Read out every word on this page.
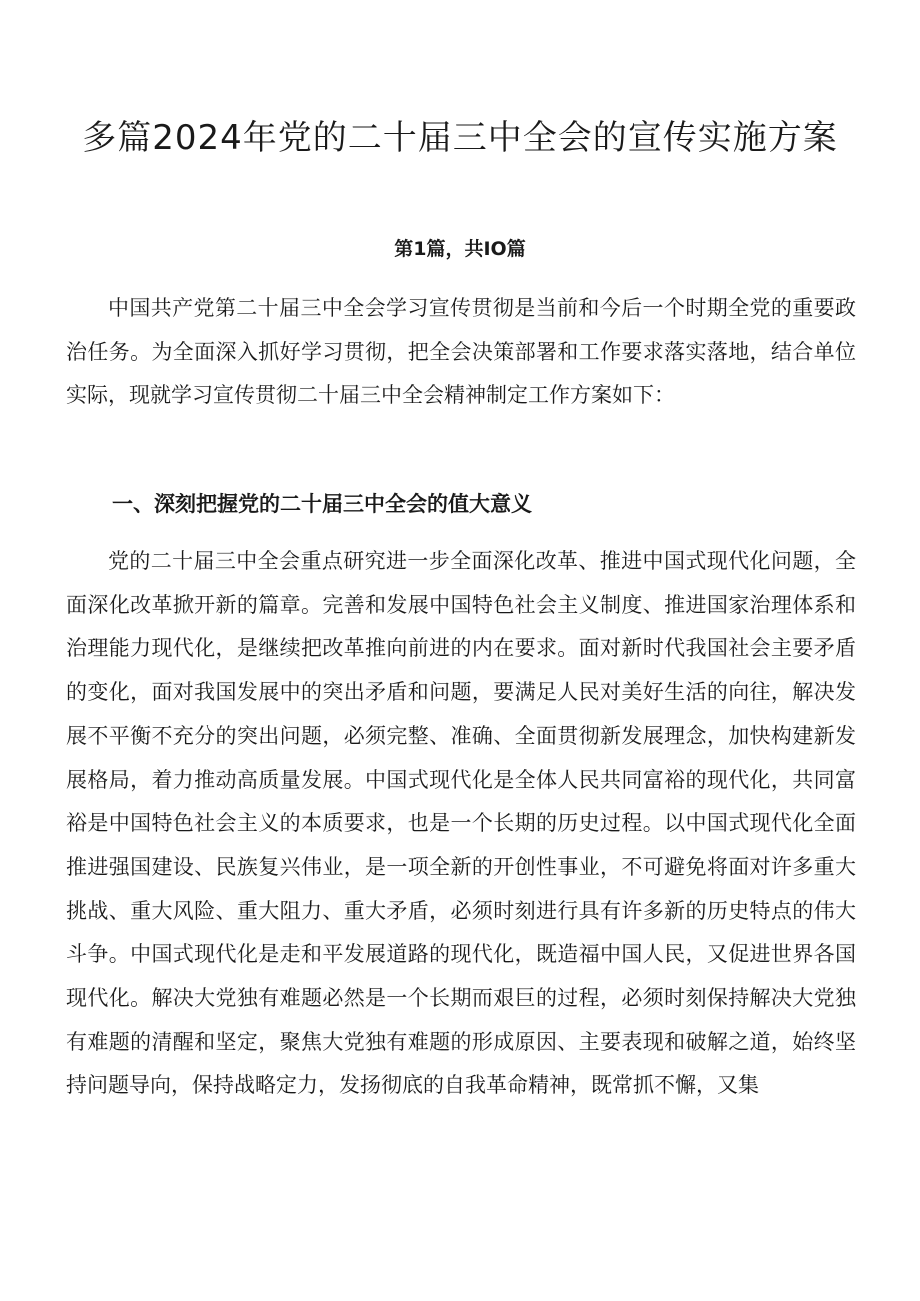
多篇2024年党的二十届三中全会的宣传实施方案

第1篇，共IO篇

中国共产党第二十届三中全会学习宣传贯彻是当前和今后一个时期全党的重要政治任务。为全面深入抓好学习贯彻，把全会决策部署和工作要求落实落地，结合单位实际，现就学习宣传贯彻二十届三中全会精神制定工作方案如下：

一、深刻把握党的二十届三中全会的值大意义

党的二十届三中全会重点研究进一步全面深化改革、推进中国式现代化问题，全面深化改革掀开新的篇章。完善和发展中国特色社会主义制度、推进国家治理体系和治理能力现代化，是继续把改革推向前进的内在要求。面对新时代我国社会主要矛盾的变化，面对我国发展中的突出矛盾和问题，要满足人民对美好生活的向往，解决发展不平衡不充分的突出问题，必须完整、准确、全面贯彻新发展理念，加快构建新发展格局，着力推动高质量发展。中国式现代化是全体人民共同富裕的现代化，共同富裕是中国特色社会主义的本质要求，也是一个长期的历史过程。以中国式现代化全面推进强国建设、民族复兴伟业，是一项全新的开创性事业，不可避免将面对许多重大挑战、重大风险、重大阻力、重大矛盾，必须时刻进行具有许多新的历史特点的伟大斗争。中国式现代化是走和平发展道路的现代化，既造福中国人民，又促进世界各国现代化。解决大党独有难题必然是一个长期而艰巨的过程，必须时刻保持解决大党独有难题的清醒和坚定，聚焦大党独有难题的形成原因、主要表现和破解之道，始终坚持问题导向，保持战略定力，发扬彻底的自我革命精神，既常抓不懈，又集
